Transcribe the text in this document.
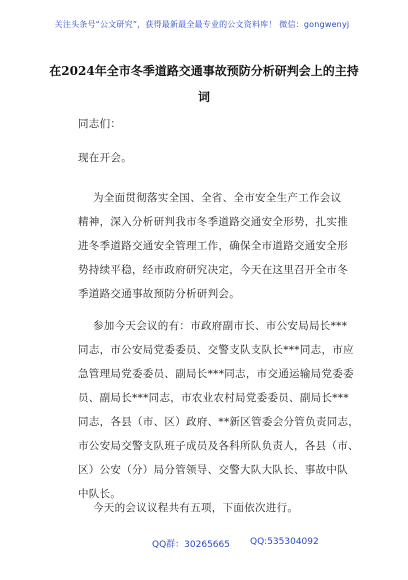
关注头条号“公文研究”，获得最新最全最专业的公文资料库！ 微信：gongwenyj
在2024年全市冬季道路交通事故预防分析研判会上的主持
词
同志们：
现在开会。
为全面贯彻落实全国、全省、全市安全生产工作会议
精神，深入分析研判我市冬季道路交通安全形势，扎实推
进冬季道路交通安全管理工作，确保全市道路交通安全形
势持续平稳，经市政府研究决定，今天在这里召开全市冬
季道路交通事故预防分析研判会。
参加今天会议的有：市政府副市长、市公安局局长***
同志，市公安局党委委员、交警支队支队长***同志，市应
急管理局党委委员、副局长***同志，市交通运输局党委委
员、副局长***同志，市农业农村局党委委员、副局长***
同志，各县（市、区）政府、**新区管委会分管负责同志，
市公安局交警支队班子成员及各科所队负责人，各县（市、
区）公安（分）局分管领导、交警大队大队长、事故中队
中队长。
今天的会议议程共有五项，下面依次进行。
QQ群：30265665 QQ:535304092
